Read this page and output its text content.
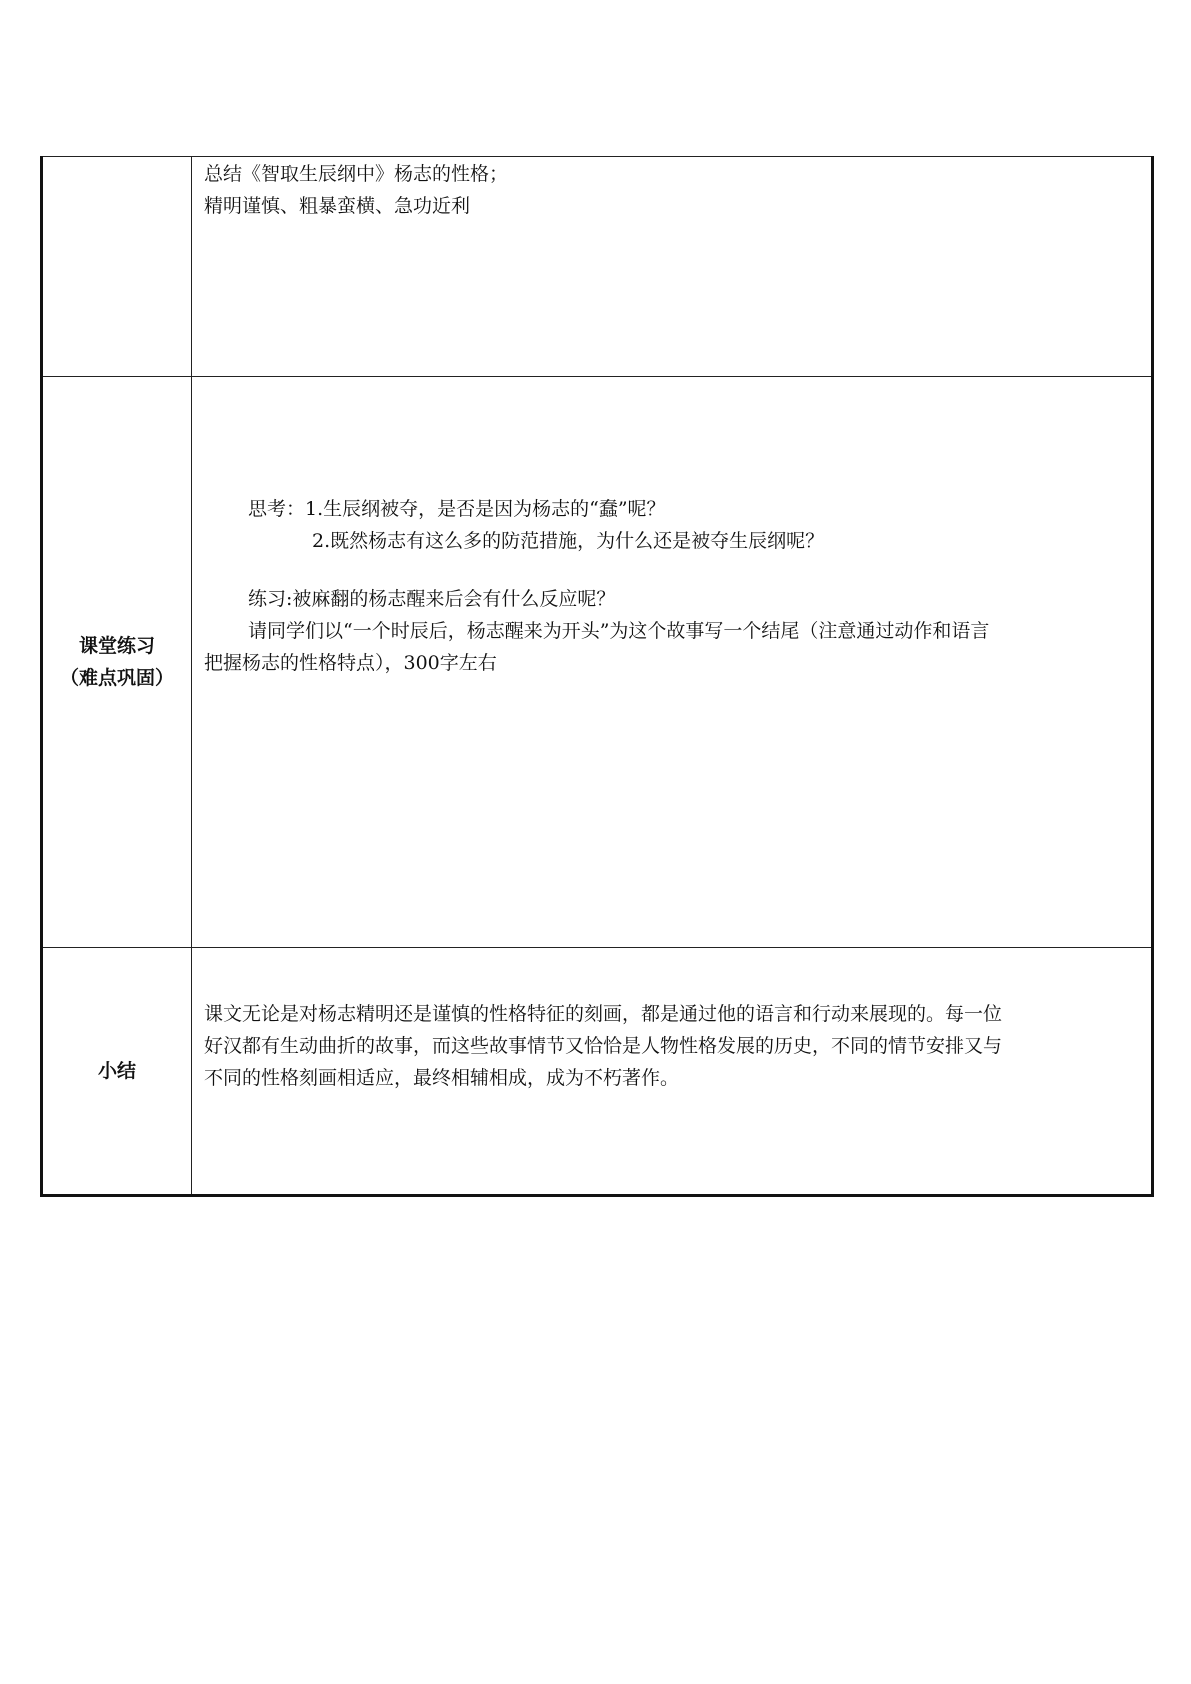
	总结《智取生辰纲中》杨志的性格；
精明谨慎、粗暴蛮横、急功近利

课堂练习
（难点巩固）	思考：1.生辰纲被夺，是否是因为杨志的“蠢”呢？
2.既然杨志有这么多的防范措施，为什么还是被夺生辰纲呢？
练习:被麻翻的杨志醒来后会有什么反应呢？
请同学们以“一个时辰后，杨志醒来为开头”为这个故事写一个结尾（注意通过动作和语言
把握杨志的性格特点），300字左右

小结	课文无论是对杨志精明还是谨慎的性格特征的刻画，都是通过他的语言和行动来展现的。每一位
好汉都有生动曲折的故事，而这些故事情节又恰恰是人物性格发展的历史，不同的情节安排又与
不同的性格刻画相适应，最终相辅相成，成为不朽著作。
